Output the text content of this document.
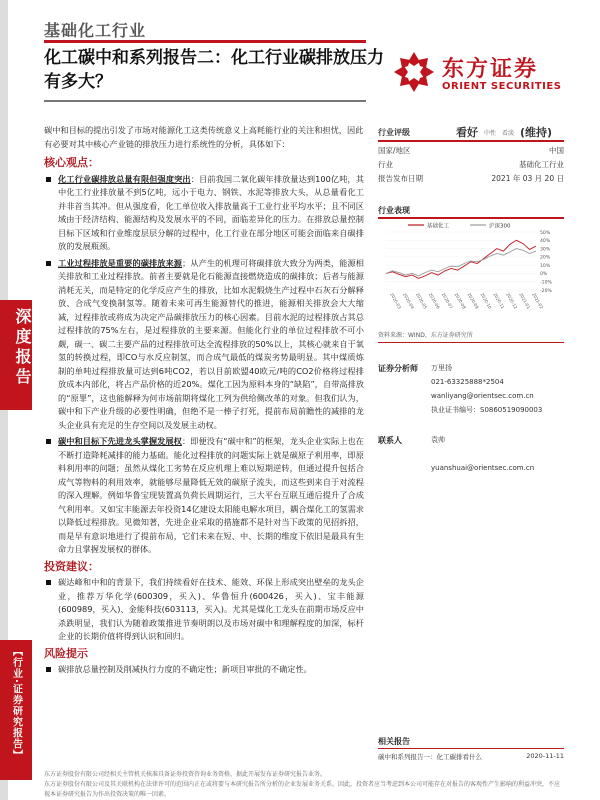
基础化工行业
化工碳中和系列报告二：化工行业碳排放压力有多大？	东方证券
ORIENT SECURITIES
深度报告
【行业·证券研究报告】
碳中和目标的提出引发了市场对能源化工这类传统意义上高耗能行业的关注和担忧，因此有必要对其中核心产业链的排放压力进行系统性的分析，具体如下：
核心观点：
化工行业碳排放总量有限但强度突出：目前我国二氧化碳年排放量达到100亿吨，其中化工行业排放量不到5亿吨，远小于电力、钢铁、水泥等排放大头，从总量看化工并非首当其冲。但从强度看，化工单位收入排放量高于工业行业平均水平；且不同区域由于经济结构、能源结构及发展水平的不同，面临差异化的压力。在排放总量控制目标下区域和行业维度层层分解的过程中，化工行业在部分地区可能会面临来自碳排放的发展瓶颈。
工业过程排放是重要的碳排放来源；从产生的机理可将碳排放大致分为两类，能源相关排放和工业过程排放。前者主要就是化石能源直接燃烧造成的碳排放；后者与能源消耗无关，而是特定的化学反应产生的排放，比如水泥煅烧生产过程中石灰石分解释放、合成气变换制氢等。随着未来可再生能源替代的推进，能源相关排放会大大缩减，过程排放或将成为决定产品碳排放压力的核心因素。目前水泥的过程排放占其总过程排放的75%左右，是过程排放的主要来源。但能化行业的单位过程排放不可小觑，碳一、碳二主要产品的过程排放可达全流程排放的50%以上，其核心就来自于氧氢的转换过程，即CO与水反应制氢，而合成气最低的煤炭劣势最明显。其中煤质炼制的单吨过程排放量可达到6吨CO2，若以目前欧盟40欧元/吨的CO2价格将过程排放成本内部化，将占产品价格的近20%。煤化工因为原料本身的“缺陷”，自带高排放的“原罪”，这也能解释为何市场前期将煤化工列为供给侧改革的对象。但我们认为，碳中和下产业升级的必要性明确，但绝不是一棒子打死，提前布局前瞻性的减排的龙头企业具有充足的生存空间以及发展主动权。
碳中和目标下先进龙头掌握发展权：即便没有“碳中和”的框架，龙头企业实际上也在不断打造降耗减排的能力基础。能化过程排放的问题实际上就是碳原子利用率，即原料利用率的问题；虽然从煤化工劣势在反应机理上难以短期逆转，但通过提升包括合成气等物料的利用效率，就能够尽量降低无效的碳原子流失，而这些到来自于对流程的深入理解。例如华鲁宝现装置高负荷长周期运行，三大平台互联互通后提升了合成气利用率。又如宝丰能源去年投资14亿建设太阳能电解水项目，耦合煤化工的氢需求以降低过程排放。见微知著，先进企业采取的措施都不是针对当下政策的见招拆招，而是早有意识地进行了提前布局，它们未来在短、中、长期的维度下依旧是最具有生命力且掌握发展权的群体。
投资建议：
碳达峰和中和的背景下，我们持续看好在技术、能效、环保上形成突出壁垒的龙头企业，推荐万华化学(600309，买入)、华鲁恒升(600426，买入)、宝丰能源(600989，买入)、金能科技(603113，买入)。尤其是煤化工龙头在前期市场反应中杀跌明显，我们认为随着政策推进节奏明朗以及市场对碳中和理解程度的加深，标杆企业的长期价值将得到认识和回归。
风险提示
碳排放总量控制及削减执行力度的不确定性；新项目审批的不确定性。
行业评级	看好 中性 看淡 (维持)
国家/地区	中国
行业	基础化工行业
报告发布日期	2021 年 03 月 20 日
行业表现
基础化工	沪深300
50%
40%
30%
20%
10%
0%
-10%
-20%
2020-03 2020-04 2020-05 2020-06 2020-07 2020-08 2020-09 2020-10 2020-11 2020-12 2021-01 2021-02
资料来源：WIND、东方证券研究所
证券分析师 万里扬
021-63325888*2504
wanliyang@orientsec.com.cn
执业证书编号：S0860519090003
联系人	袁帅
yuanshuai@orientsec.com.cn
相关报告
碳中和系列报告一：化工碳排看什么	2020-11-11
东方证券股份有限公司经相关主管机关核准具备证券投资咨询业务资格，据此开展发布证券研究报告业务。
东方证券股份有限公司及其关联机构在法律许可的范围内正在或将要与本研究报告所分析的企业发展业务关系。因此，投资者应当考虑到本公司可能存在对报告的客观性产生影响的利益冲突，不应视本证券研究报告为作出投资决策的唯一因素。
